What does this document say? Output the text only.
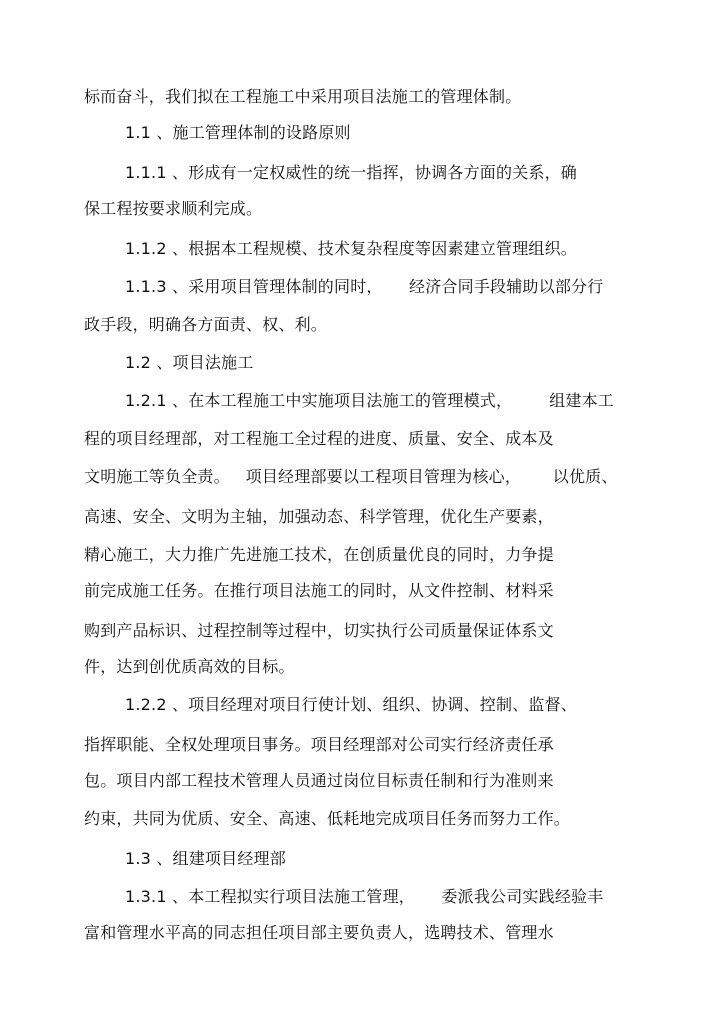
标而奋斗，我们拟在工程施工中采用项目法施工的管理体制。
1.1 、施工管理体制的设路原则
1.1.1 、形成有一定权威性的统一指挥，协调各方面的关系，确
保工程按要求顺利完成。
1.1.2 、根据本工程规模、技术复杂程度等因素建立管理组织。
1.1.3 、采用项目管理体制的同时，     经济合同手段辅助以部分行
政手段，明确各方面责、权、利。
1.2 、项目法施工
1.2.1 、在本工程施工中实施项目法施工的管理模式，       组建本工
程的项目经理部，对工程施工全过程的进度、质量、安全、成本及
文明施工等负全责。   项目经理部要以工程项目管理为核心，      以优质、
高速、安全、文明为主轴，加强动态、科学管理，优化生产要素，
精心施工，大力推广先进施工技术，在创质量优良的同时，力争提
前完成施工任务。在推行项目法施工的同时，从文件控制、材料采
购到产品标识、过程控制等过程中，切实执行公司质量保证体系文
件，达到创优质高效的目标。
1.2.2 、项目经理对项目行使计划、组织、协调、控制、监督、
指挥职能、全权处理项目事务。项目经理部对公司实行经济责任承
包。项目内部工程技术管理人员通过岗位目标责任制和行为准则来
约束，共同为优质、安全、高速、低耗地完成项目任务而努力工作。
1.3 、组建项目经理部
1.3.1 、本工程拟实行项目法施工管理，     委派我公司实践经验丰
富和管理水平高的同志担任项目部主要负责人，选聘技术、管理水
